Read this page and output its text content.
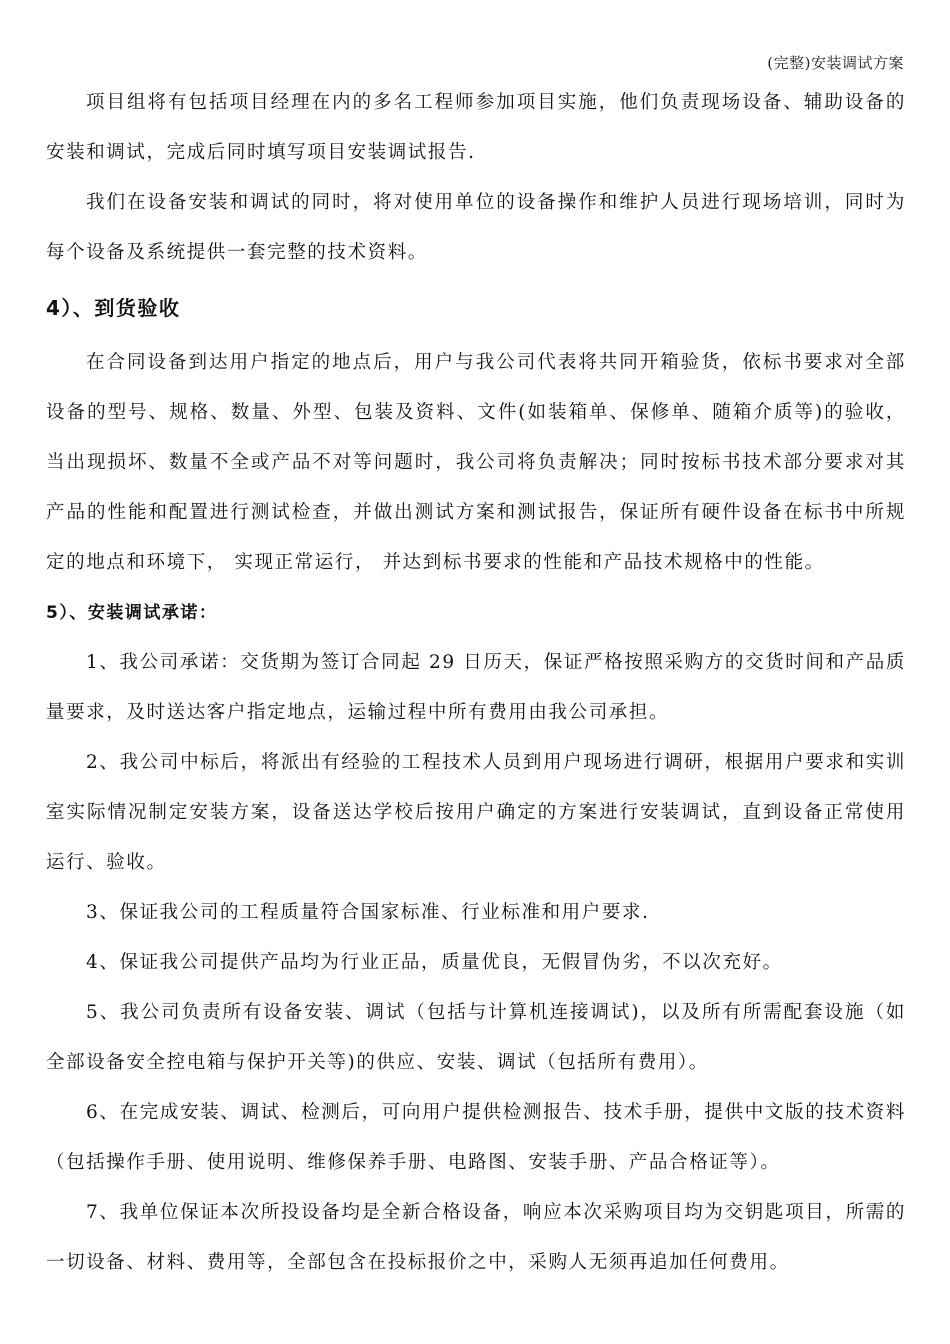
(完整)安装调试方案

项目组将有包括项目经理在内的多名工程师参加项目实施，他们负责现场设备、辅助设备的安装和调试，完成后同时填写项目安装调试报告.

我们在设备安装和调试的同时，将对使用单位的设备操作和维护人员进行现场培训，同时为每个设备及系统提供一套完整的技术资料。

4）、到货验收

在合同设备到达用户指定的地点后，用户与我公司代表将共同开箱验货，依标书要求对全部设备的型号、规格、数量、外型、包装及资料、文件(如装箱单、保修单、随箱介质等)的验收，当出现损坏、数量不全或产品不对等问题时，我公司将负责解决；同时按标书技术部分要求对其产品的性能和配置进行测试检查，并做出测试方案和测试报告，保证所有硬件设备在标书中所规定的地点和环境下， 实现正常运行， 并达到标书要求的性能和产品技术规格中的性能。

5）、安装调试承诺：

1、我公司承诺：交货期为签订合同起 29 日历天，保证严格按照采购方的交货时间和产品质量要求，及时送达客户指定地点，运输过程中所有费用由我公司承担。

2、我公司中标后，将派出有经验的工程技术人员到用户现场进行调研，根据用户要求和实训室实际情况制定安装方案，设备送达学校后按用户确定的方案进行安装调试，直到设备正常使用运行、验收。

3、保证我公司的工程质量符合国家标准、行业标准和用户要求.

4、保证我公司提供产品均为行业正品，质量优良，无假冒伪劣，不以次充好。

5、我公司负责所有设备安装、调试（包括与计算机连接调试)，以及所有所需配套设施（如全部设备安全控电箱与保护开关等)的供应、安装、调试（包括所有费用）。

6、在完成安装、调试、检测后，可向用户提供检测报告、技术手册，提供中文版的技术资料（包括操作手册、使用说明、维修保养手册、电路图、安装手册、产品合格证等）。

7、我单位保证本次所投设备均是全新合格设备，响应本次采购项目均为交钥匙项目，所需的一切设备、材料、费用等，全部包含在投标报价之中，采购人无须再追加任何费用。
